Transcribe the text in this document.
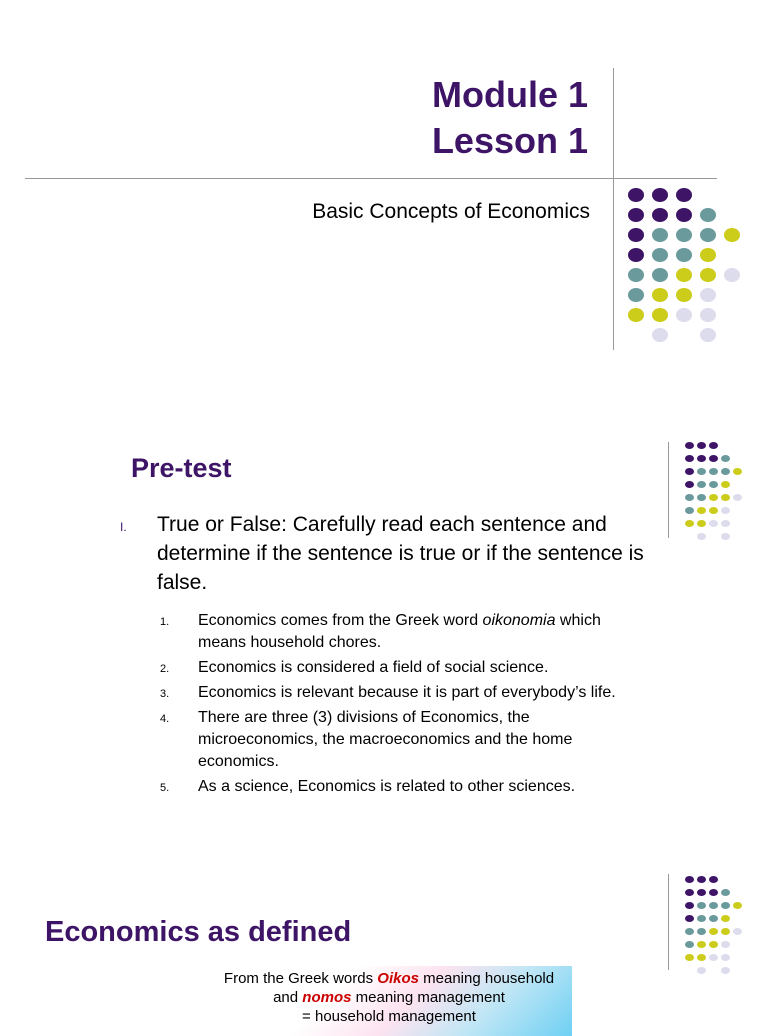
Module 1
Lesson 1
Basic Concepts of Economics
Pre-test
I. True or False: Carefully read each sentence and determine if the sentence is true or if the sentence is false.
1. Economics comes from the Greek word oikonomia which means household chores.
2. Economics is considered a field of social science.
3. Economics is relevant because it is part of everybody’s life.
4. There are three (3) divisions of Economics, the microeconomics, the macroeconomics and the home economics.
5. As a science, Economics is related to other sciences.
Economics as defined
From the Greek words Oikos meaning household
and nomos meaning management
= household management
